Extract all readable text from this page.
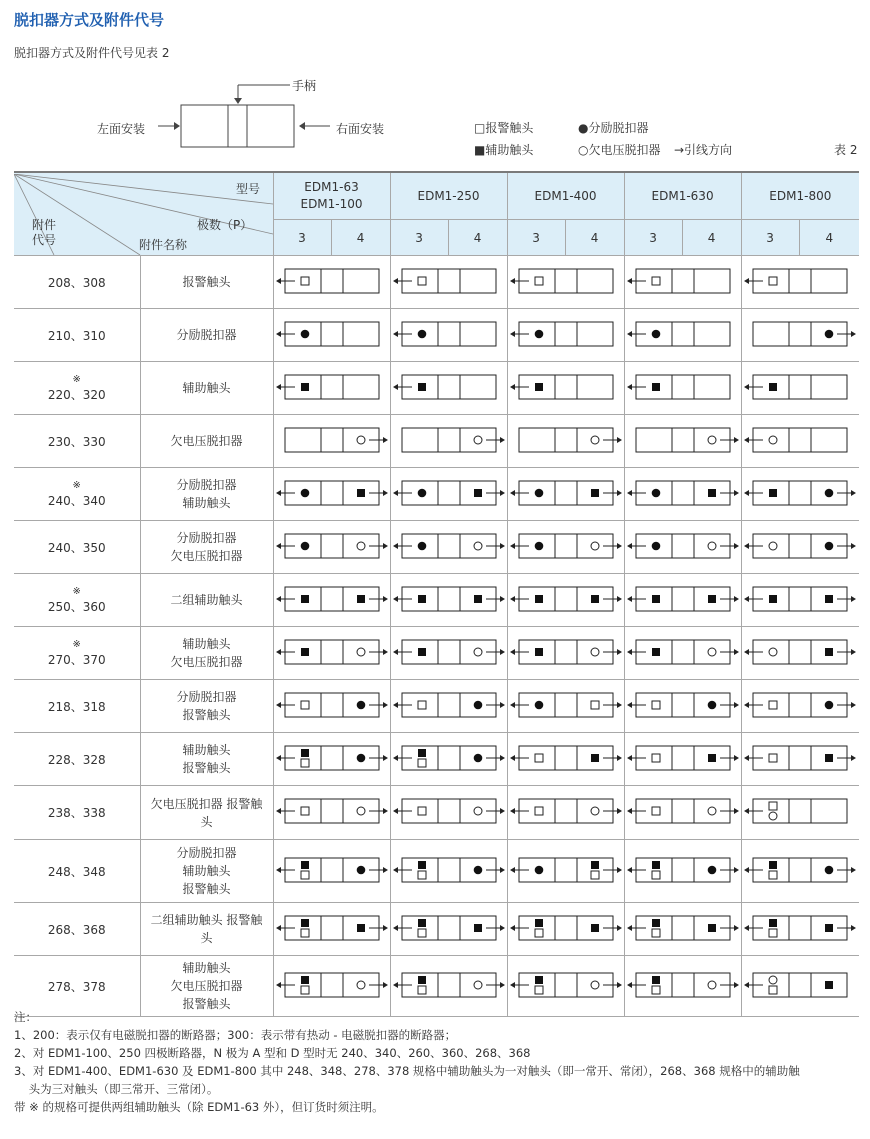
脱扣器方式及附件代号
脱扣器方式及附件代号见表 2
手柄
左面安装	右面安装	□报警触头
■辅助触头
●分励脱扣器
○欠电压脱扣器 →引线方向	表 2
型号
极数（P）
附件
代号 附件名称		EDM1-63
EDM1-100		EDM1-250		EDM1-400		EDM1-630		EDM1-800	
		3	4	3	4	3	4	3	4	3	4

208、308	报警触头					

210、310	分励脱扣器					

※
220、320	辅助触头					

230、330	欠电压脱扣器					

※
240、340	分励脱扣器
辅助触头					

240、350	分励脱扣器
欠电压脱扣器					

※
250、360	二组辅助触头					

※
270、370	辅助触头
欠电压脱扣器					

218、318	分励脱扣器
报警触头					

228、328	辅助触头
报警触头					

238、338	欠电压脱扣器 报警触
头					

248、348	分励脱扣器
辅助触头
报警触头					

268、368	二组辅助触头 报警触
头					

278、378	辅助触头
欠电压脱扣器
报警触头					
注：
1、200：表示仅有电磁脱扣器的断路器；300：表示带有热动 - 电磁脱扣器的断路器；
2、对 EDM1-100、250 四极断路器，N 极为 A 型和 D 型时无 240、340、260、360、268、368
3、对 EDM1-400、EDM1-630 及 EDM1-800 其中 248、348、278、378 规格中辅助触头为一对触头（即一常开、常闭），268、368 规格中的辅助触
头为三对触头（即三常开、三常闭）。
带 ※ 的规格可提供两组辅助触头（除 EDM1-63 外），但订货时须注明。
